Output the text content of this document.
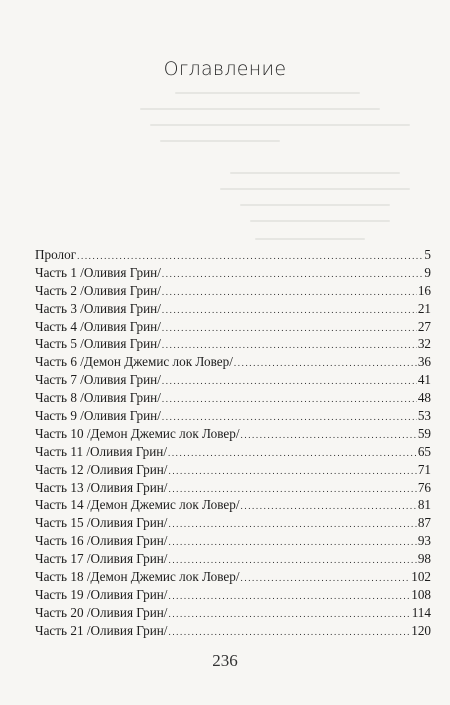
Оглавление
Пролог .....	5
Часть 1 /Оливия Грин/ .....	9
Часть 2 /Оливия Грин/ .....	16
Часть 3 /Оливия Грин/ .....	21
Часть 4 /Оливия Грин/ .....	27
Часть 5 /Оливия Грин/ .....	32
Часть 6 /Демон Джемис лок Ловер/ .....	36
Часть 7 /Оливия Грин/ .....	41
Часть 8 /Оливия Грин/ .....	48
Часть 9 /Оливия Грин/ .....	53
Часть 10 /Демон Джемис лок Ловер/ .....	59
Часть 11 /Оливия Грин/ .....	65
Часть 12 /Оливия Грин/ .....	71
Часть 13 /Оливия Грин/ .....	76
Часть 14 /Демон Джемис лок Ловер/ .....	81
Часть 15 /Оливия Грин/ .....	87
Часть 16 /Оливия Грин/ .....	93
Часть 17 /Оливия Грин/ .....	98
Часть 18 /Демон Джемис лок Ловер/ .....	102
Часть 19 /Оливия Грин/ .....	108
Часть 20 /Оливия Грин/ .....	114
Часть 21 /Оливия Грин/ .....	120
236
